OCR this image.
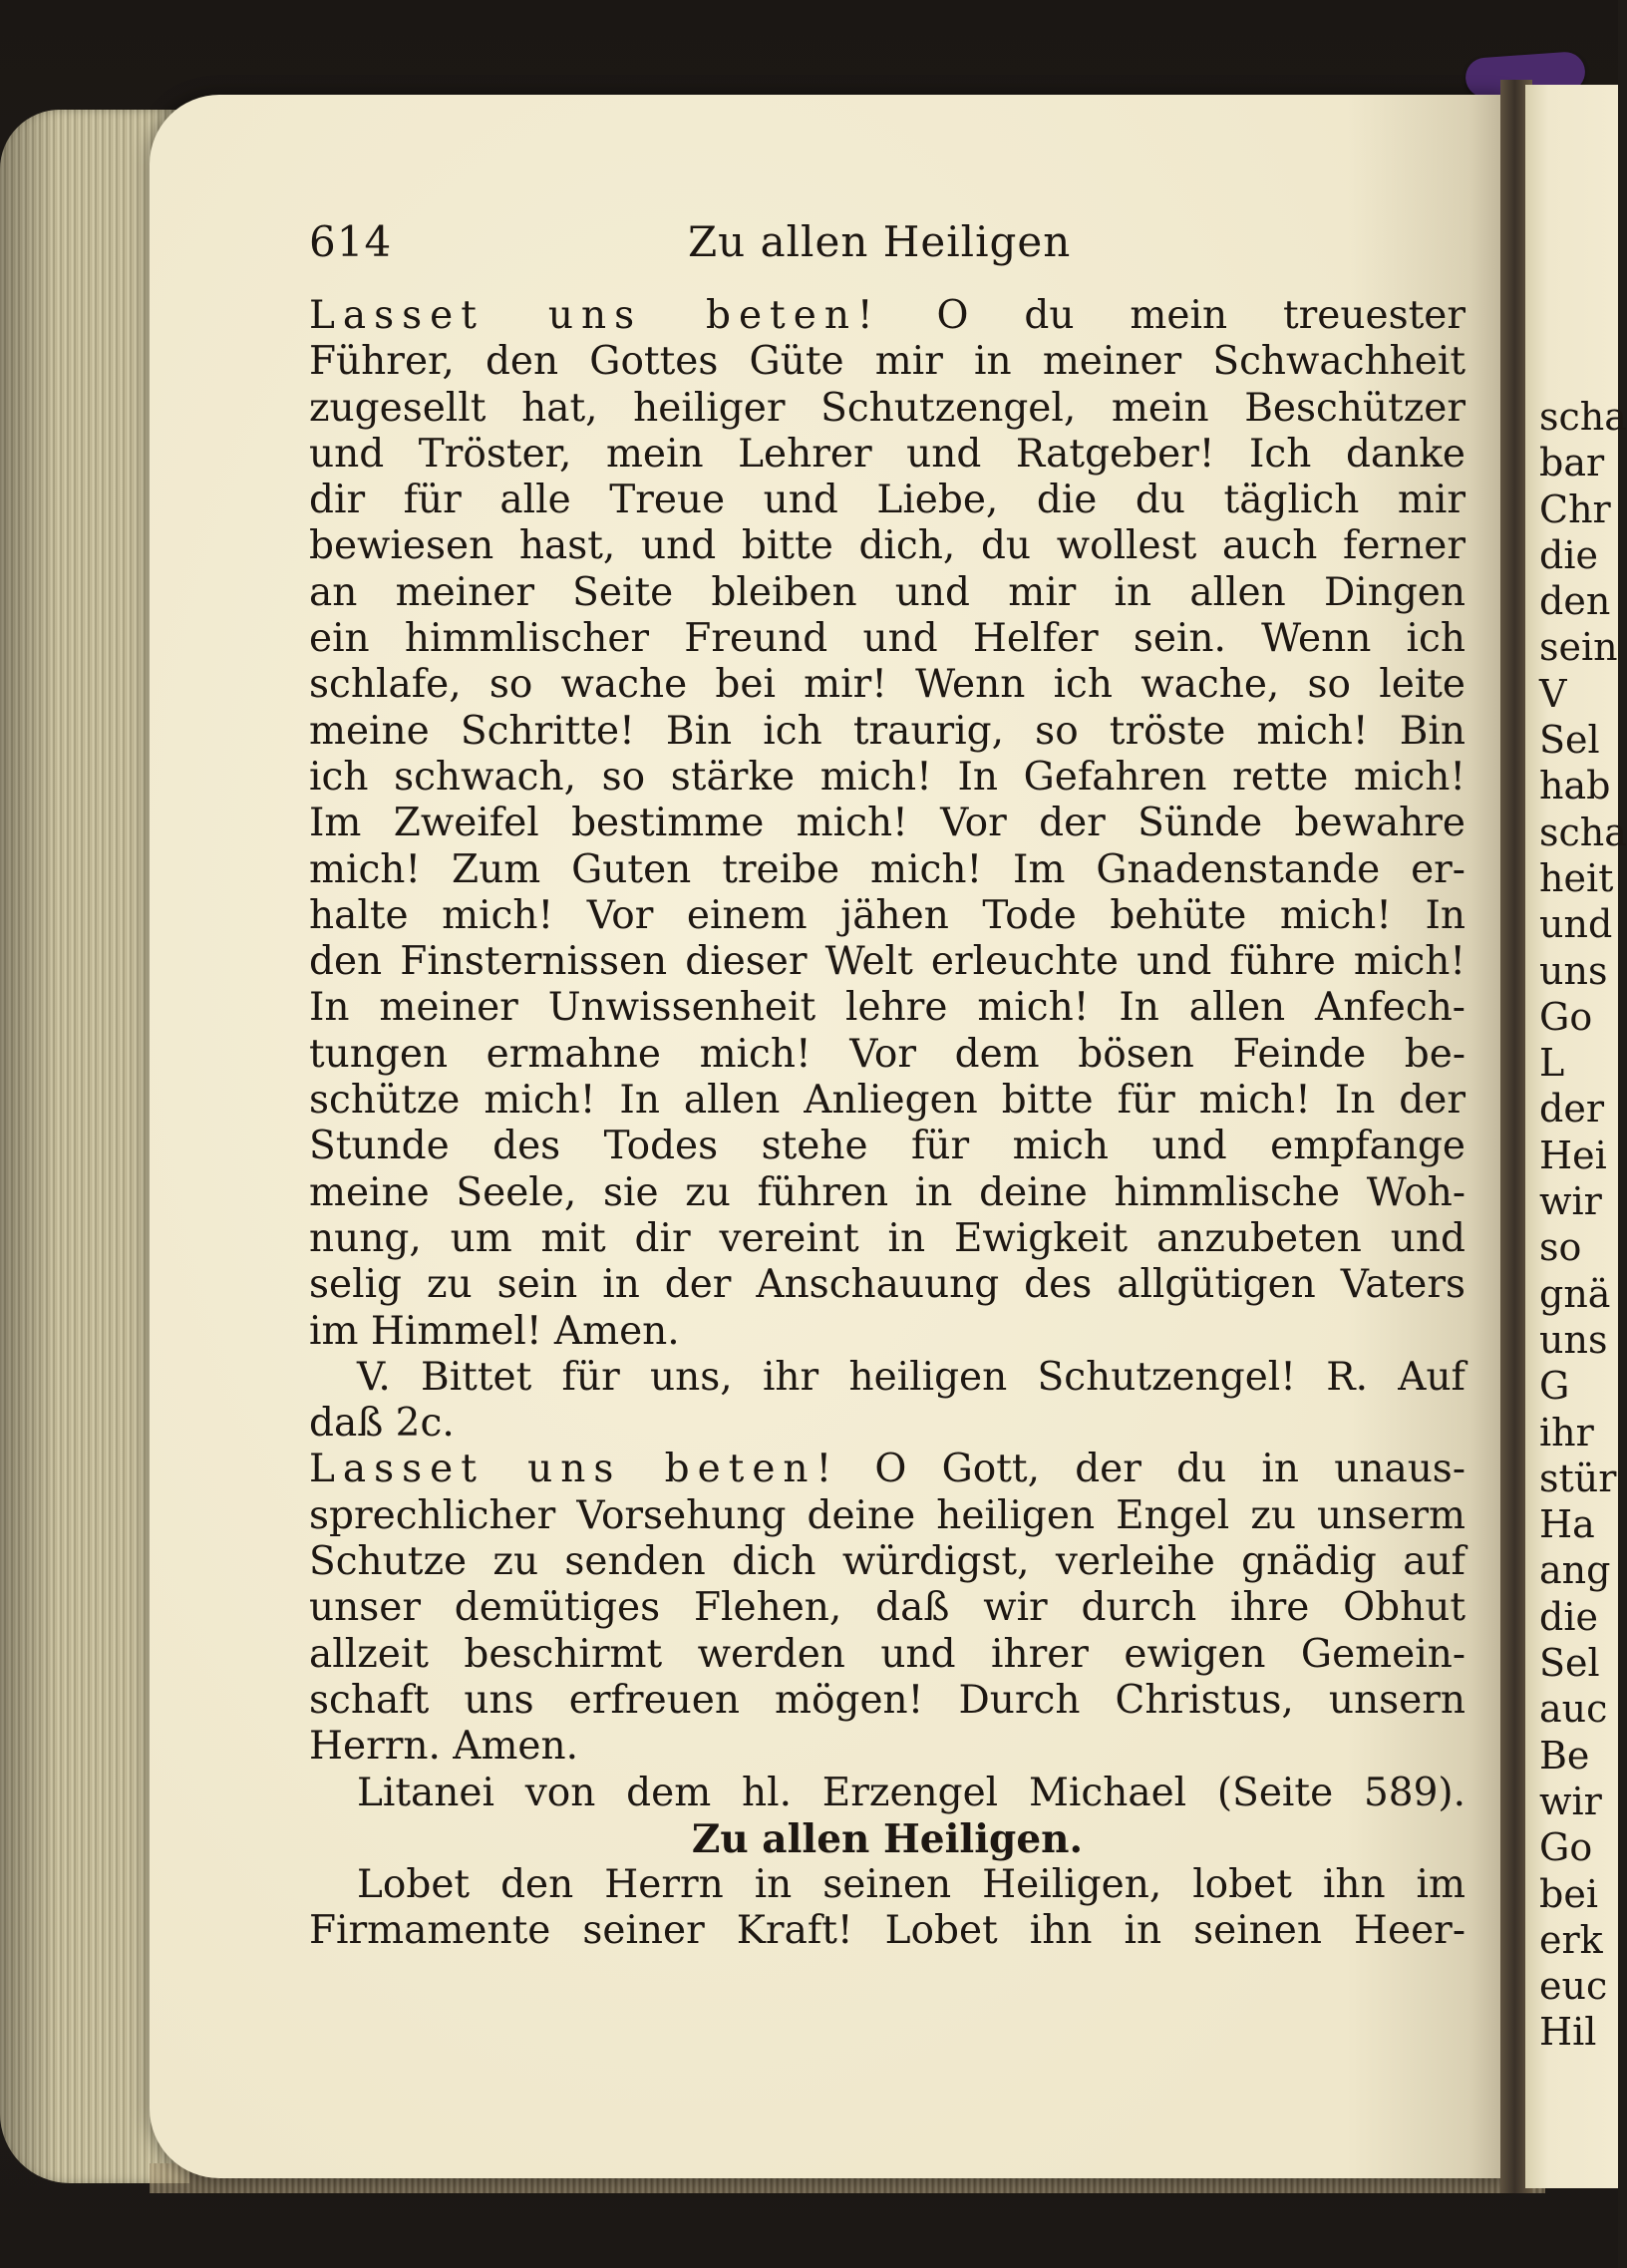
scha
bar
Chr
die
den
sein
V
Sel
hab
scha
heit
und
uns
Go
L
der
Hei
wir
so
gnä
uns
G
ihr
stür
Ha
ang
die
Sel
auc
Be
wir
Go
bei
erk
euc
Hil
614	Zu allen Heiligen
Lasset uns beten! O du mein treuester
Führer, den Gottes Güte mir in meiner Schwachheit
zugesellt hat, heiliger Schutzengel, mein Beschützer
und Tröster, mein Lehrer und Ratgeber! Ich danke
dir für alle Treue und Liebe, die du täglich mir
bewiesen hast, und bitte dich, du wollest auch ferner
an meiner Seite bleiben und mir in allen Dingen
ein himmlischer Freund und Helfer sein. Wenn ich
schlafe, so wache bei mir! Wenn ich wache, so leite
meine Schritte! Bin ich traurig, so tröste mich! Bin
ich schwach, so stärke mich! In Gefahren rette mich!
Im Zweifel bestimme mich! Vor der Sünde bewahre
mich! Zum Guten treibe mich! Im Gnadenstande er-
halte mich! Vor einem jähen Tode behüte mich! In
den Finsternissen dieser Welt erleuchte und führe mich!
In meiner Unwissenheit lehre mich! In allen Anfech-
tungen ermahne mich! Vor dem bösen Feinde be-
schütze mich! In allen Anliegen bitte für mich! In der
Stunde des Todes stehe für mich und empfange
meine Seele, sie zu führen in deine himmlische Woh-
nung, um mit dir vereint in Ewigkeit anzubeten und
selig zu sein in der Anschauung des allgütigen Vaters
im Himmel! Amen.
V. Bittet für uns, ihr heiligen Schutzengel! R. Auf
daß 2c.
Lasset uns beten! O Gott, der du in unaus-
sprechlicher Vorsehung deine heiligen Engel zu unserm
Schutze zu senden dich würdigst, verleihe gnädig auf
unser demütiges Flehen, daß wir durch ihre Obhut
allzeit beschirmt werden und ihrer ewigen Gemein-
schaft uns erfreuen mögen! Durch Christus, unsern
Herrn. Amen.
Litanei von dem hl. Erzengel Michael (Seite 589).
Zu allen Heiligen.
Lobet den Herrn in seinen Heiligen, lobet ihn im
Firmamente seiner Kraft! Lobet ihn in seinen Heer-
